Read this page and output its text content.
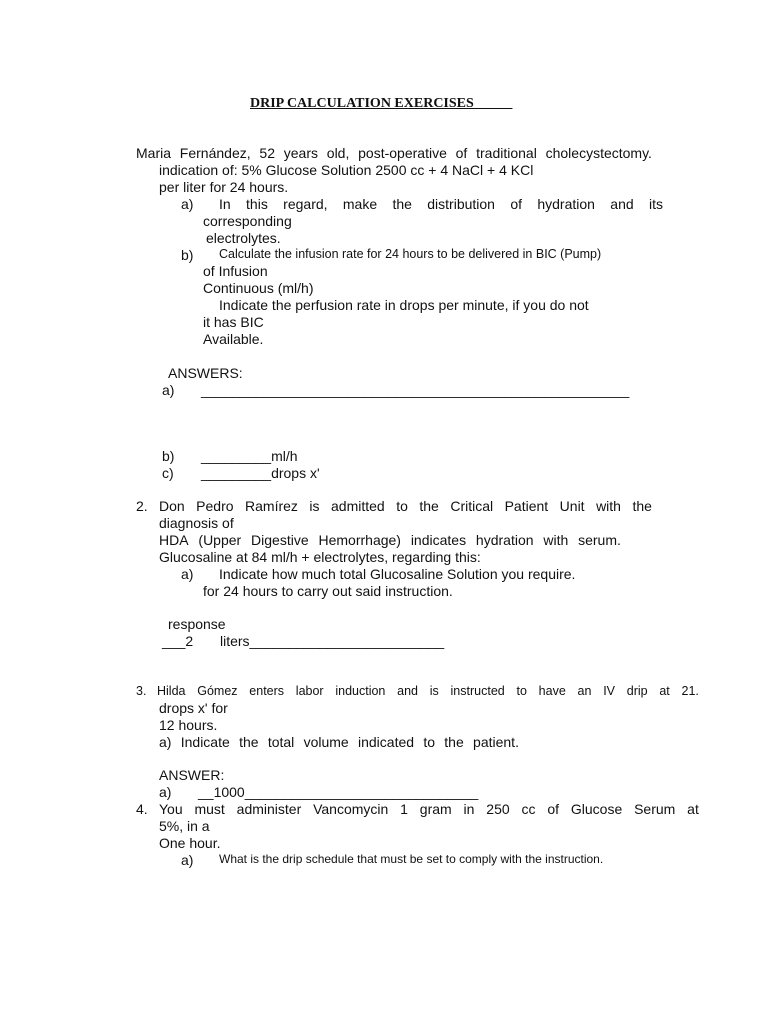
DRIP CALCULATION EXERCISES _____
Maria Fernández, 52 years old, post-operative of traditional cholecystectomy.
indication of: 5% Glucose Solution 2500 cc + 4 NaCl + 4 KCl
per liter for 24 hours.
a) In this regard, make the distribution of hydration and its
corresponding
electrolytes.
b) Calculate the infusion rate for 24 hours to be delivered in BIC (Pump)
of Infusion
Continuous (ml/h)
Indicate the perfusion rate in drops per minute, if you do not
it has BIC
Available.
ANSWERS:
a) _______________________________________________________
b) _________ml/h
c) _________drops x'
2. Don Pedro Ramírez is admitted to the Critical Patient Unit with the
diagnosis of
HDA (Upper Digestive Hemorrhage) indicates hydration with serum.
Glucosaline at 84 ml/h + electrolytes, regarding this:
a) Indicate how much total Glucosaline Solution you require.
for 24 hours to carry out said instruction.
response
___2 liters_________________________
3. Hilda Gómez enters labor induction and is instructed to have an IV drip at 21.
drops x' for
12 hours.
a) Indicate the total volume indicated to the patient.
ANSWER:
a) __1000______________________________
4. You must administer Vancomycin 1 gram in 250 cc of Glucose Serum at
5%, in a
One hour.
a) What is the drip schedule that must be set to comply with the instruction.
